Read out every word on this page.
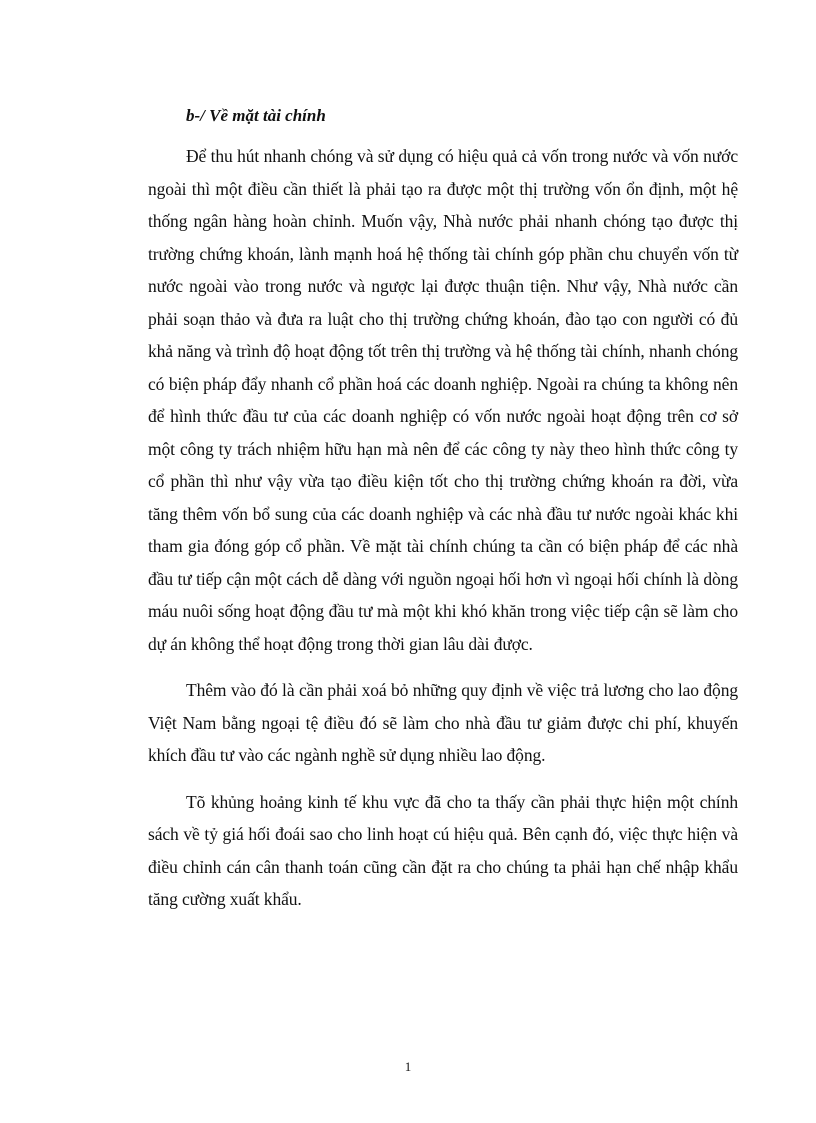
b-/ Về mặt tài chính

Để thu hút nhanh chóng và sử dụng có hiệu quả cả vốn trong nước và vốn nước ngoài thì một điều cần thiết là phải tạo ra được một thị trường vốn ổn định, một hệ thống ngân hàng hoàn chỉnh. Muốn vậy, Nhà nước phải nhanh chóng tạo được thị trường chứng khoán, lành mạnh hoá hệ thống tài chính góp phần chu chuyển vốn từ nước ngoài vào trong nước và ngược lại được thuận tiện. Như vậy, Nhà nước cần phải soạn thảo và đưa ra luật cho thị trường chứng khoán, đào tạo con người có đủ khả năng và trình độ hoạt động tốt trên thị trường và hệ thống tài chính, nhanh chóng có biện pháp đẩy nhanh cổ phần hoá các doanh nghiệp. Ngoài ra chúng ta không nên để hình thức đầu tư của các doanh nghiệp có vốn nước ngoài hoạt động trên cơ sở một công ty trách nhiệm hữu hạn mà nên để các công ty này theo hình thức công ty cổ phần thì như vậy vừa tạo điều kiện tốt cho thị trường chứng khoán ra đời, vừa tăng thêm vốn bổ sung của các doanh nghiệp và các nhà đầu tư nước ngoài khác khi tham gia đóng góp cổ phần. Về mặt tài chính chúng ta cần có biện pháp để các nhà đầu tư tiếp cận một cách dễ dàng với nguồn ngoại hối hơn vì ngoại hối chính là dòng máu nuôi sống hoạt động đầu tư mà một khi khó khăn trong việc tiếp cận sẽ làm cho dự án không thể hoạt động trong thời gian lâu dài được.

Thêm vào đó là cần phải xoá bỏ những quy định về việc trả lương cho lao động Việt Nam bằng ngoại tệ điều đó sẽ làm cho nhà đầu tư giảm được chi phí, khuyến khích đầu tư vào các ngành nghề sử dụng nhiều lao động.

Tõ khủng hoảng kinh tế khu vực đã cho ta thấy cần phải thực hiện một chính sách về tỷ giá hối đoái sao cho linh hoạt cú hiệu quả. Bên cạnh đó, việc thực hiện và điều chỉnh cán cân thanh toán cũng cần đặt ra cho chúng ta phải hạn chế nhập khẩu tăng cường xuất khẩu.

1
